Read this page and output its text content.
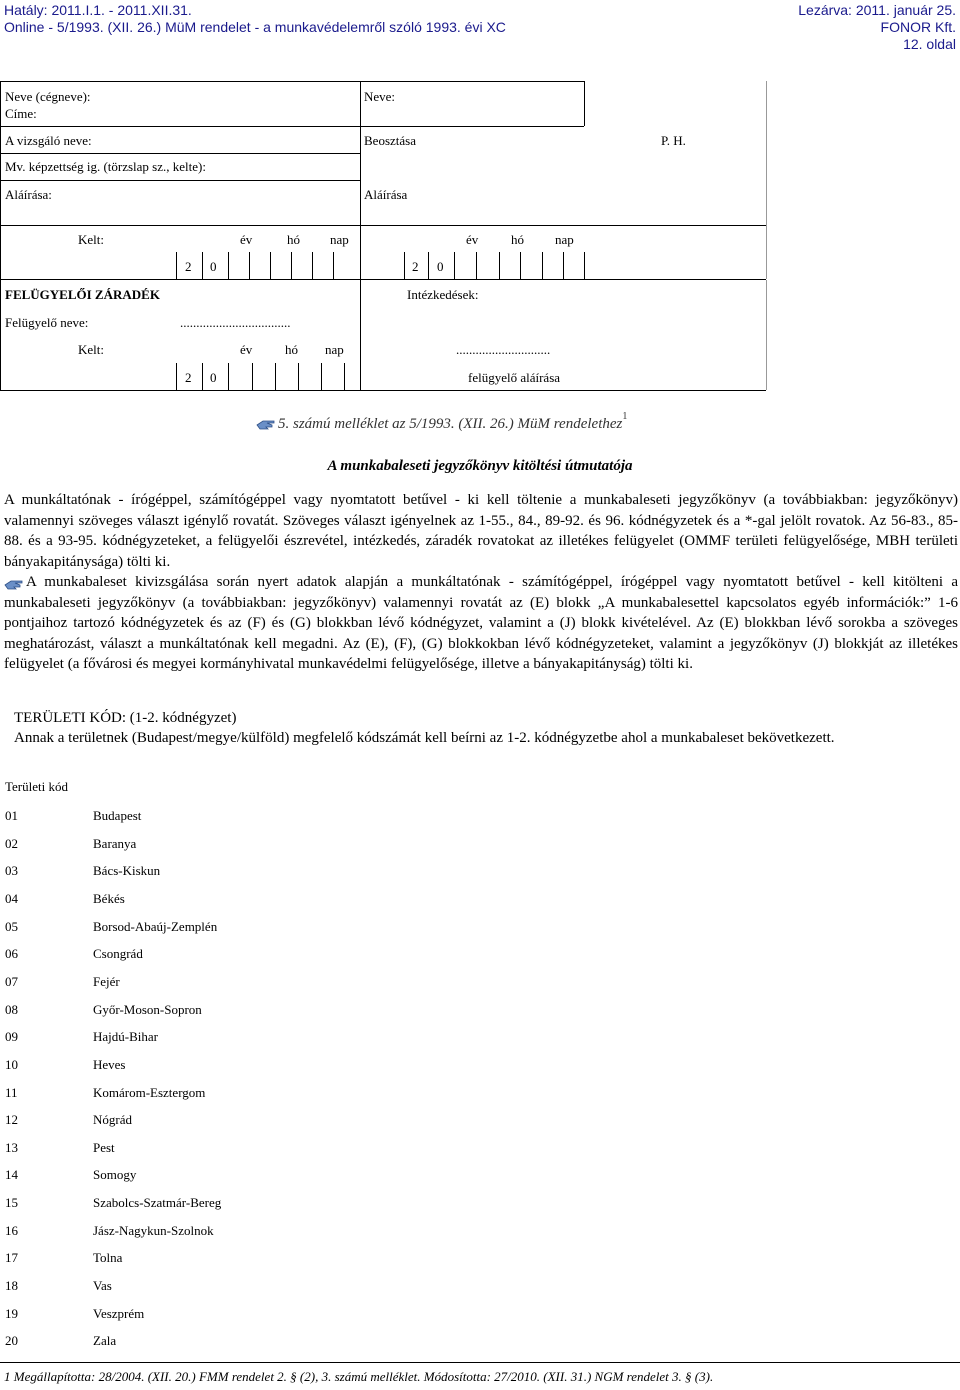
Hatály: 2011.I.1. - 2011.XII.31.
Online - 5/1993. (XII. 26.) MüM rendelet - a munkavédelemről szóló 1993. évi XC
Lezárva: 2011. január 25.
FONOR Kft.
12. oldal
Neve (cégneve):
Címe:
Neve:
A vizsgáló neve:	Beosztása	P. H.
Mv. képzettség ig. (törzslap sz., kelte):
Aláírása:	Aláírása
Kelt:	év	hó nap	év	hó nap
2 0	2 0
FELÜGYELŐI ZÁRADÉK	Intézkedések:
Felügyelő neve:	..................................
Kelt:	év	hó nap	.............................
2 0	felügyelő aláírása
5. számú melléklet az 5/1993. (XII. 26.) MüM rendelethez$^1$
A munkabaleseti jegyzőkönyv kitöltési útmutatója

A munkáltatónak - írógéppel, számítógéppel vagy nyomtatott betűvel - ki kell töltenie a munkabaleseti jegyzőkönyv (a továbbiakban: jegyzőkönyv) valamennyi szöveges választ igénylő rovatát. Szöveges választ igényelnek az 1-55., 84., 89-92. és 96. kódnégyzetek és a *-gal jelölt rovatok. Az 56-83., 85-88. és a 93-95. kódnégyzeteket, a felügyelői észrevétel, intézkedés, záradék rovatokat az illetékes felügyelet (OMMF területi felügyelősége, MBH területi bányakapitánysága) tölti ki.

A munkabaleset kivizsgálása során nyert adatok alapján a munkáltatónak - számítógéppel, írógéppel vagy nyomtatott betűvel - kell kitölteni a munkabaleseti jegyzőkönyv (a továbbiakban: jegyzőkönyv) valamennyi rovatát az (E) blokk „A munkabalesettel kapcsolatos egyéb információk:” 1-6 pontjaihoz tartozó kódnégyzetek és az (F) és (G) blokkban lévő kódnégyzet, valamint a (J) blokk kivételével. Az (E) blokkban lévő sorokba a szöveges meghatározást, választ a munkáltatónak kell megadni. Az (E), (F), (G) blokkokban lévő kódnégyzeteket, valamint a jegyzőkönyv (J) blokkját az illetékes felügyelet (a fővárosi és megyei kormányhivatal munkavédelmi felügyelősége, illetve a bányakapitányság) tölti ki.

TERÜLETI KÓD: (1-2. kódnégyzet)

Annak a területnek (Budapest/megye/külföld) megfelelő kódszámát kell beírni az 1-2. kódnégyzetbe ahol a munkabaleset bekövetkezett.

Területi kód
01	Budapest
02	Baranya
03	Bács-Kiskun
04	Békés
05	Borsod-Abaúj-Zemplén
06	Csongrád
07	Fejér
08	Győr-Moson-Sopron
09	Hajdú-Bihar
10	Heves
11	Komárom-Esztergom
12	Nógrád
13	Pest
14	Somogy
15	Szabolcs-Szatmár-Bereg
16	Jász-Nagykun-Szolnok
17	Tolna
18	Vas
19	Veszprém
20	Zala
1 Megállapította: 28/2004. (XII. 20.) FMM rendelet 2. § (2), 3. számú melléklet. Módosította: 27/2010. (XII. 31.) NGM rendelet 3. § (3).
